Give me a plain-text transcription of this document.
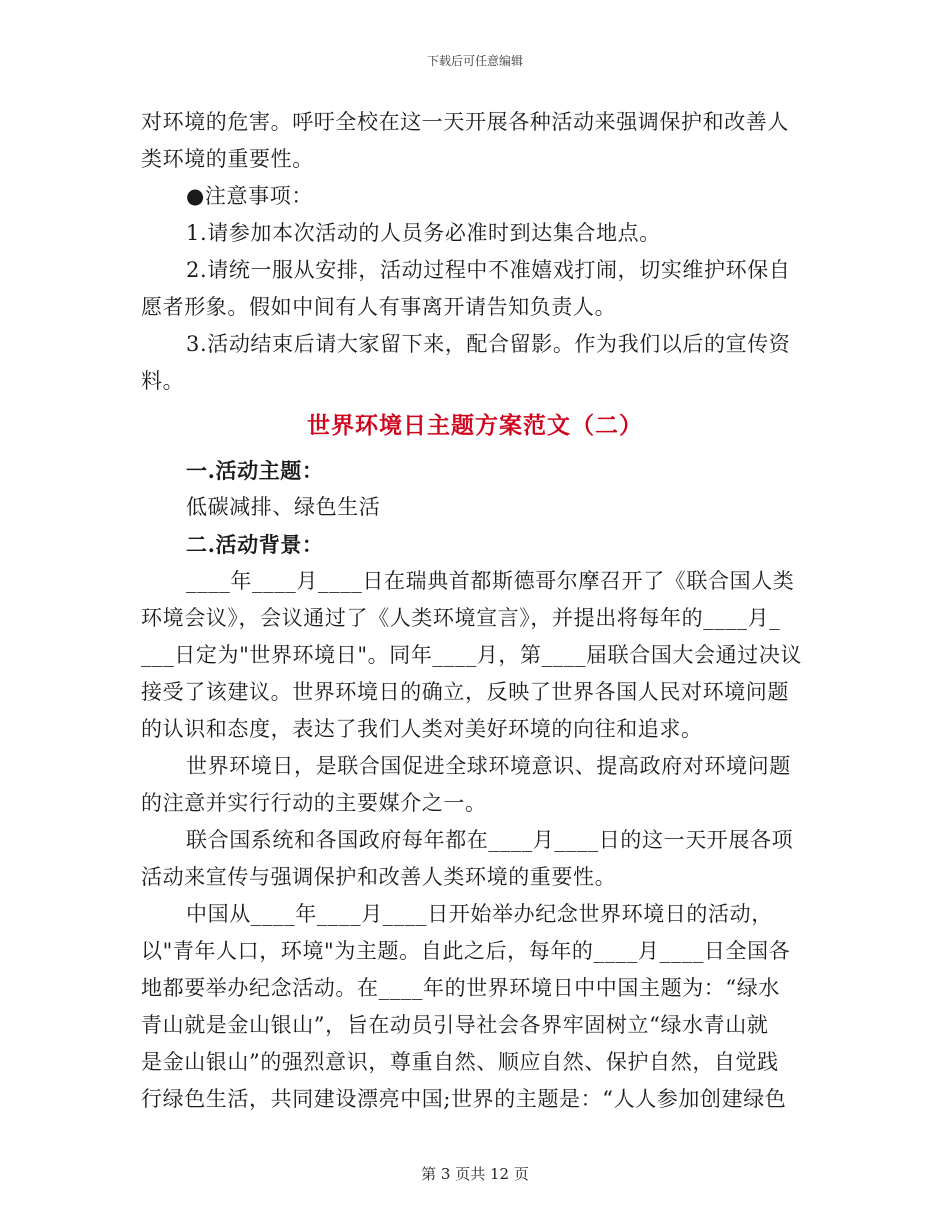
下载后可任意编辑
对环境的危害。呼吁全校在这一天开展各种活动来强调保护和改善人
类环境的重要性。
●注意事项：
1.请参加本次活动的人员务必准时到达集合地点。
2.请统一服从安排，活动过程中不准嬉戏打闹，切实维护环保自
愿者形象。假如中间有人有事离开请告知负责人。
3.活动结束后请大家留下来，配合留影。作为我们以后的宣传资
料。
世界环境日主题方案范文（二）
一.活动主题：
低碳减排、绿色生活
二.活动背景：
____年____月____日在瑞典首都斯德哥尔摩召开了《联合国人类
环境会议》，会议通过了《人类环境宣言》，并提出将每年的____月_
___日定为"世界环境日"。同年____月，第____届联合国大会通过决议
接受了该建议。世界环境日的确立，反映了世界各国人民对环境问题
的认识和态度，表达了我们人类对美好环境的向往和追求。
世界环境日，是联合国促进全球环境意识、提高政府对环境问题
的注意并实行行动的主要媒介之一。
联合国系统和各国政府每年都在____月____日的这一天开展各项
活动来宣传与强调保护和改善人类环境的重要性。
中国从____年____月____日开始举办纪念世界环境日的活动，
以"青年人口，环境"为主题。自此之后，每年的____月____日全国各
地都要举办纪念活动。在____年的世界环境日中中国主题为：“绿水
青山就是金山银山”，旨在动员引导社会各界牢固树立“绿水青山就
是金山银山”的强烈意识，尊重自然、顺应自然、保护自然，自觉践
行绿色生活，共同建设漂亮中国;世界的主题是：“人人参加创建绿色
第 3 页共 12 页
